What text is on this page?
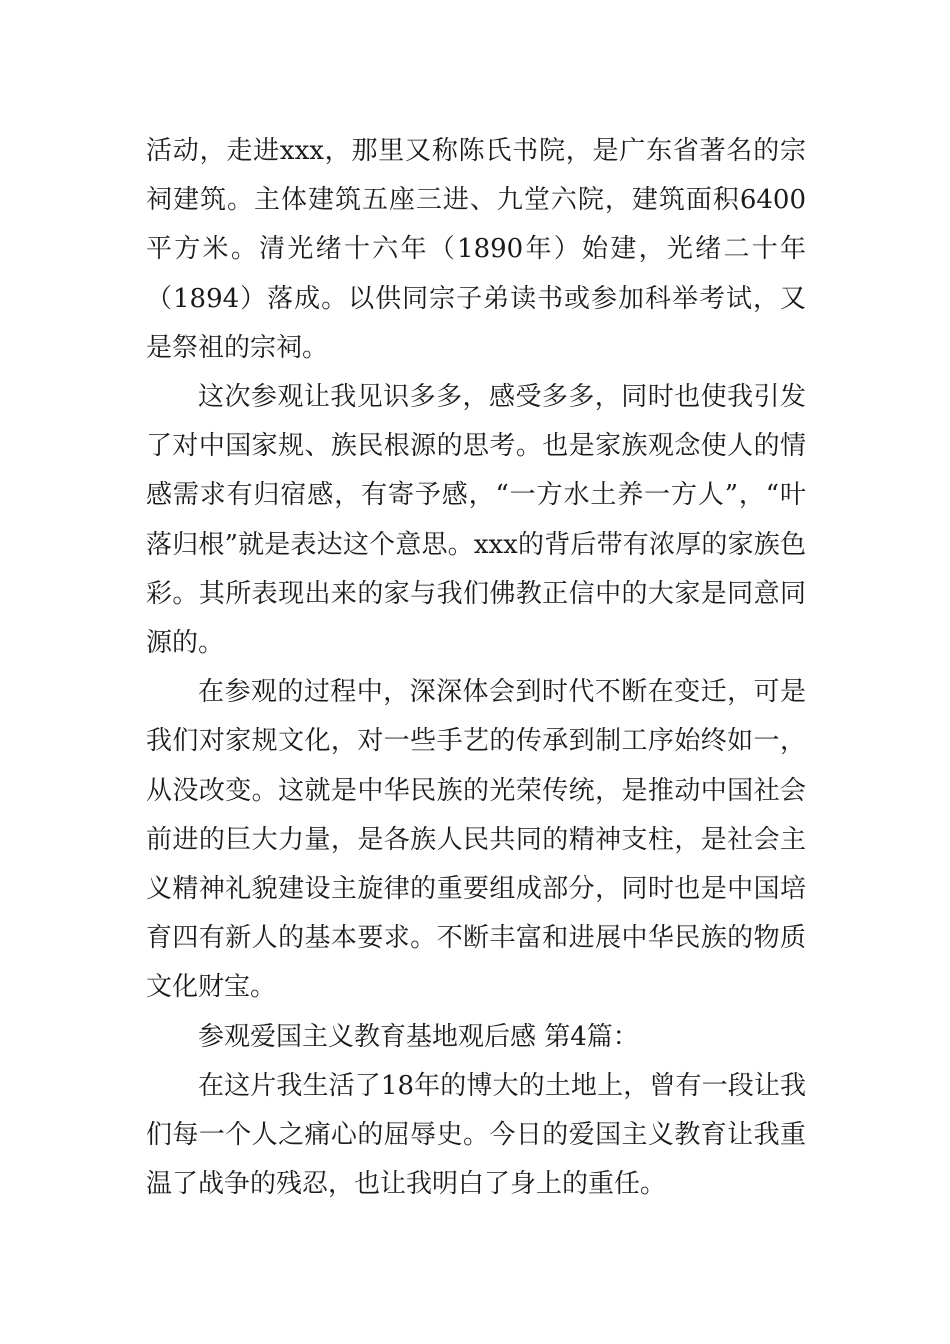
活动，走进xxx，那里又称陈氏书院，是广东省著名的宗祠建筑。主体建筑五座三进、九堂六院，建筑面积6400平方米。清光绪十六年（1890年）始建，光绪二十年（1894）落成。以供同宗子弟读书或参加科举考试，又是祭祖的宗祠。

这次参观让我见识多多，感受多多，同时也使我引发了对中国家规、族民根源的思考。也是家族观念使人的情感需求有归宿感，有寄予感，“一方水土养一方人”，“叶落归根”就是表达这个意思。xxx的背后带有浓厚的家族色彩。其所表现出来的家与我们佛教正信中的大家是同意同源的。

在参观的过程中，深深体会到时代不断在变迁，可是我们对家规文化，对一些手艺的传承到制工序始终如一，从没改变。这就是中华民族的光荣传统，是推动中国社会前进的巨大力量，是各族人民共同的精神支柱，是社会主义精神礼貌建设主旋律的重要组成部分，同时也是中国培育四有新人的基本要求。不断丰富和进展中华民族的物质文化财宝。

参观爱国主义教育基地观后感 第4篇：

在这片我生活了18年的博大的土地上，曾有一段让我们每一个人之痛心的屈辱史。今日的爱国主义教育让我重温了战争的残忍，也让我明白了身上的重任。
